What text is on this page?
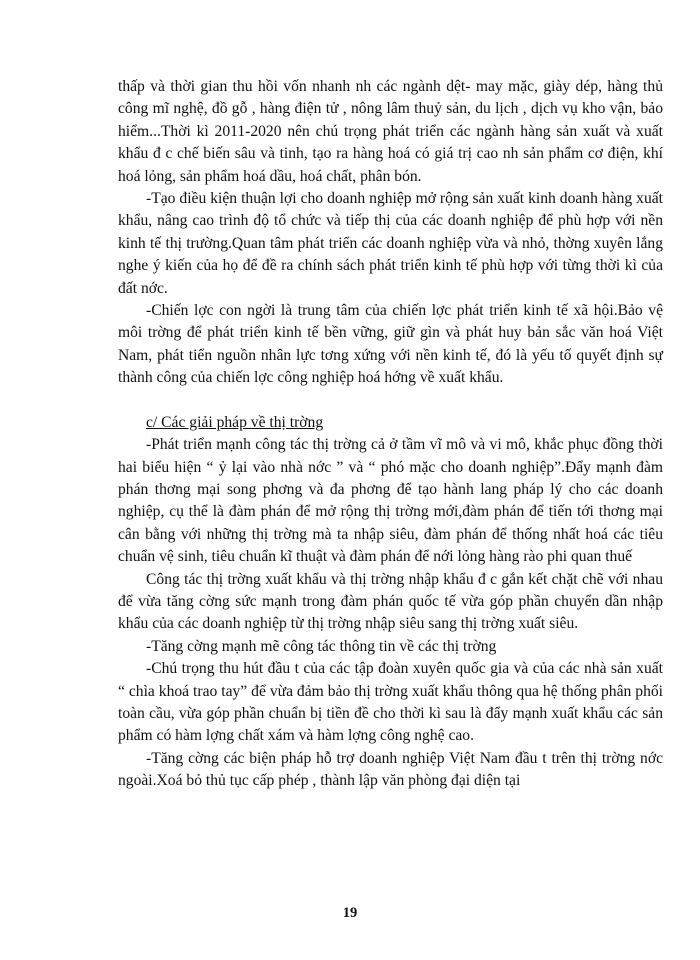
thấp và thời gian thu hồi vốn nhanh nh các ngành dệt- may mặc, giày dép, hàng thủ công mĩ nghệ, đồ gỗ , hàng điện tử , nông lâm thuỷ sản, du lịch , dịch vụ kho vận, bảo hiểm...Thời kì 2011-2020 nên chú trọng phát triển các ngành hàng sản xuất và xuất khẩu đ c chế biến sâu và tinh, tạo ra hàng hoá có giá trị cao nh sản phẩm cơ điện, khí hoá lỏng, sản phẩm hoá dầu, hoá chất, phân bón.

-Tạo điều kiện thuận lợi cho doanh nghiệp mở rộng sản xuất kinh doanh hàng xuất khẩu, nâng cao trình độ tổ chức và tiếp thị của các doanh nghiệp để phù hợp với nền kinh tế thị trường.Quan tâm phát triển các doanh nghiệp vừa và nhỏ, thờng xuyên lắng nghe ý kiến của họ để đề ra chính sách phát triển kinh tế phù hợp với từng thời kì của đất nớc.

-Chiến lợc con ngời là trung tâm của chiến lợc phát triển kinh tế xã hội.Bảo vệ môi trờng để phát triển kinh tế bền vững, giữ gìn và phát huy bản sắc văn hoá Việt Nam, phát tiển nguồn nhân lực tơng xứng với nền kinh tế, đó là yếu tố quyết định sự thành công của chiến lợc công nghiệp hoá hớng về xuất khẩu.

c/ Các giải pháp về thị trờng

-Phát triển mạnh công tác thị trờng cả ở tầm vĩ mô và vi mô, khắc phục đồng thời hai biểu hiện “ ỷ lại vào nhà nớc ” và “ phó mặc cho doanh nghiệp”.Đẩy mạnh đàm phán thơng mại song phơng và đa phơng để tạo hành lang pháp lý cho các doanh nghiệp, cụ thể là đàm phán để mở rộng thị trờng mới,đàm phán để tiến tới thơng mại cân bằng với những thị trờng mà ta nhập siêu, đàm phán để thống nhất hoá các tiêu chuẩn vệ sinh, tiêu chuẩn kĩ thuật và đàm phán để nới lỏng hàng rào phi quan thuế

Công tác thị trờng xuất khẩu và thị trờng nhập khẩu đ c gắn kết chặt chẽ với nhau để vừa tăng cờng sức mạnh trong đàm phán quốc tế vừa góp phần chuyển dần nhập khẩu của các doanh nghiệp từ thị trờng nhập siêu sang thị trờng xuất siêu.

-Tăng cờng mạnh mẽ công tác thông tin về các thị trờng

-Chú trọng thu hút đầu t của các tập đoàn xuyên quốc gia và của các nhà sản xuất “ chìa khoá trao tay” để vừa đảm bảo thị trờng xuất khẩu thông qua hệ thống phân phối toàn cầu, vừa góp phần chuẩn bị tiền đề cho thời kì sau là đẩy mạnh xuất khẩu các sản phẩm có hàm lợng chất xám và hàm lợng công nghệ cao.

-Tăng cờng các biện pháp hỗ trợ doanh nghiệp Việt Nam đầu t trên thị trờng nớc ngoài.Xoá bỏ thủ tục cấp phép , thành lập văn phòng đại diện tại

19
